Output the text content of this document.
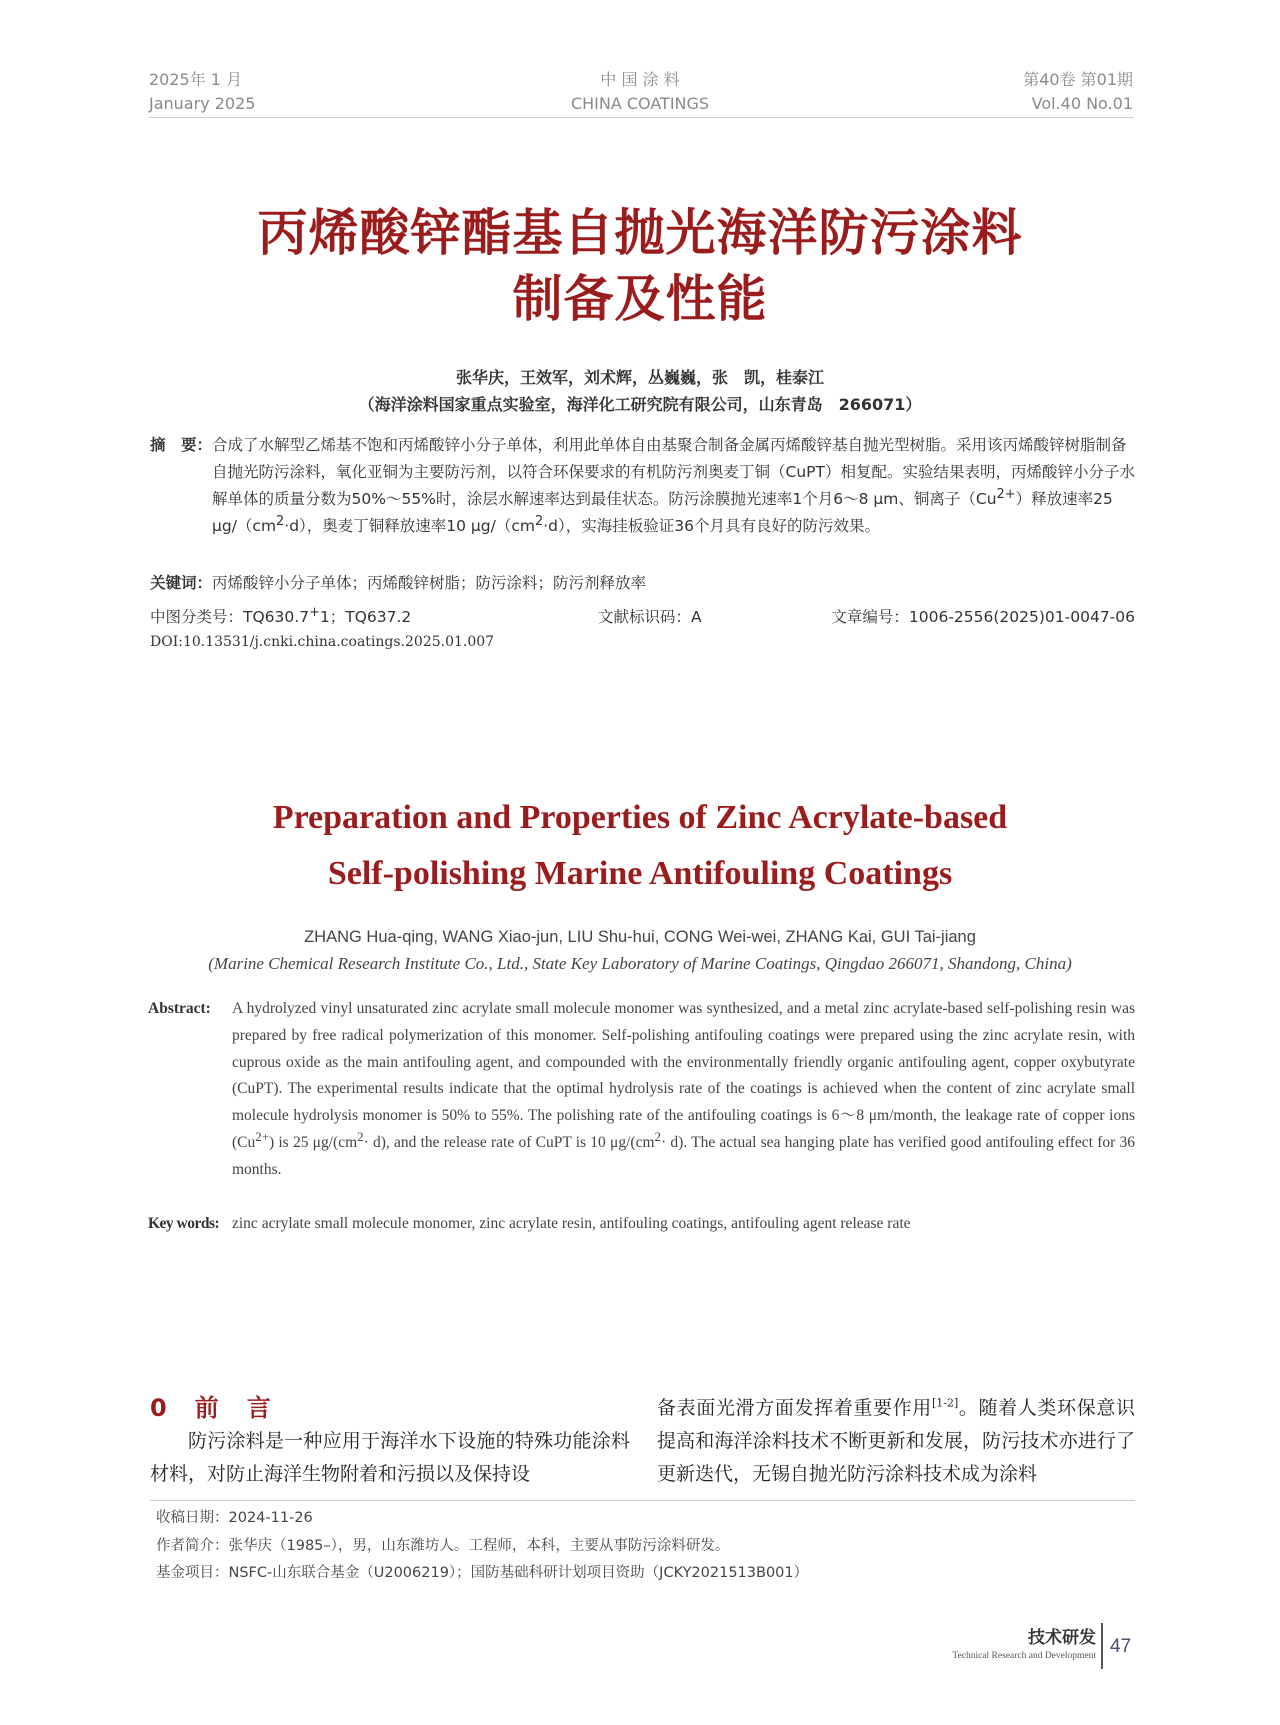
2025年 1 月
January 2025
中 国 涂 料
CHINA COATINGS
第40卷 第01期
Vol.40 No.01
丙烯酸锌酯基自抛光海洋防污涂料
制备及性能
张华庆，王效军，刘术辉，丛巍巍，张　凯，桂泰江
（海洋涂料国家重点实验室，海洋化工研究院有限公司，山东青岛　266071）
摘　要： 合成了水解型乙烯基不饱和丙烯酸锌小分子单体，利用此单体自由基聚合制备金属丙烯酸锌基自抛光型树脂。采用该丙烯酸锌树脂制备自抛光防污涂料，氧化亚铜为主要防污剂，以符合环保要求的有机防污剂奥麦丁铜（CuPT）相复配。实验结果表明，丙烯酸锌小分子水解单体的质量分数为50%～55%时，涂层水解速率达到最佳状态。防污涂膜抛光速率1个月6～8 μm、铜离子$(Cu^{2+})$释放速率25 $\mu g/(cm^2\cdot d)$，奥麦丁铜释放速率10 $\mu g/(cm^2\cdot d)$，实海挂板验证36个月具有良好的防污效果。
关键词：丙烯酸锌小分子单体；丙烯酸锌树脂；防污涂料；防污剂释放率
中图分类号：TQ630.7+1；TQ637.2	文献标识码：A	文章编号：1006-2556(2025)01-0047-06
DOI:10.13531/j.cnki.china.coatings.2025.01.007
Preparation and Properties of Zinc Acrylate-based
Self-polishing Marine Antifouling Coatings
ZHANG Hua-qing, WANG Xiao-jun, LIU Shu-hui, CONG Wei-wei, ZHANG Kai, GUI Tai-jiang
(Marine Chemical Research Institute Co., Ltd., State Key Laboratory of Marine Coatings, Qingdao 266071, Shandong, China)
Abstract:	A hydrolyzed vinyl unsaturated zinc acrylate small molecule monomer was synthesized, and a metal zinc acrylate-based self-polishing resin was prepared by free radical polymerization of this monomer. Self-polishing antifouling coatings were prepared using the zinc acrylate resin, with cuprous oxide as the main antifouling agent, and compounded with the environmentally friendly organic antifouling agent, copper oxybutyrate (CuPT). The experimental results indicate that the optimal hydrolysis rate of the coatings is achieved when the content of zinc acrylate small molecule hydrolysis monomer is 50% to 55%. The polishing rate of the antifouling coatings is 6～8 μm/month, the leakage rate of copper ions $(Cu^{2+})$ is 25 $\mu g/(cm^2\cdot d)$, and the release rate of CuPT is 10 $\mu g/(cm^2\cdot d)$. The actual sea hanging plate has verified good antifouling effect for 36 months.
Key words: zinc acrylate small molecule monomer, zinc acrylate resin, antifouling coatings, antifouling agent release rate
0 前　言
防污涂料是一种应用于海洋水下设施的特殊功能涂料材料，对防止海洋生物附着和污损以及保持设
备表面光滑方面发挥着重要作用[1-2]。随着人类环保意识提高和海洋涂料技术不断更新和发展，防污技术亦进行了更新迭代，无锡自抛光防污涂料技术成为涂料
收稿日期：2024-11-26
作者简介：张华庆（1985–），男，山东潍坊人。工程师，本科，主要从事防污涂料研发。
基金项目：NSFC-山东联合基金（U2006219）；国防基础科研计划项目资助（JCKY2021513B001）
技术研发
Technical Research and Development 47
